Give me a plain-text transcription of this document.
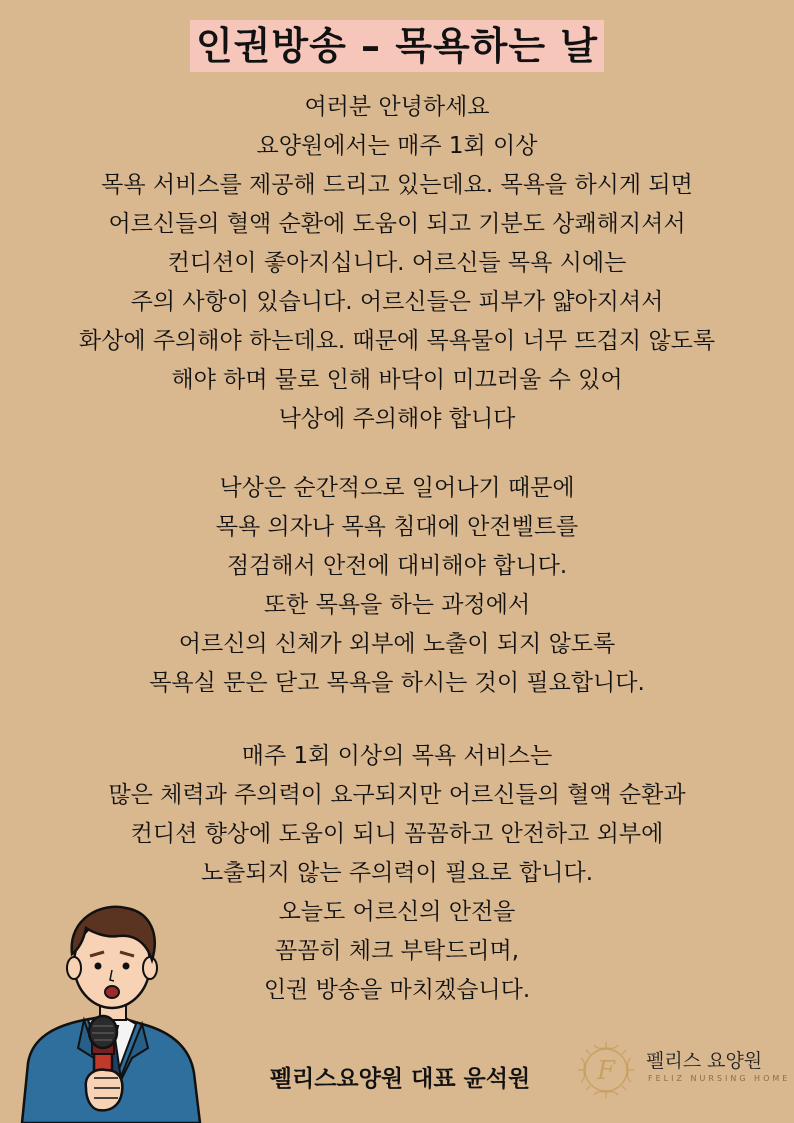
인권방송 – 목욕하는 날
여러분 안녕하세요
요양원에서는 매주 1회 이상
목욕 서비스를 제공해 드리고 있는데요. 목욕을 하시게 되면
어르신들의 혈액 순환에 도움이 되고 기분도 상쾌해지셔서
컨디션이 좋아지십니다. 어르신들 목욕 시에는
주의 사항이 있습니다. 어르신들은 피부가 얇아지셔서
화상에 주의해야 하는데요. 때문에 목욕물이 너무 뜨겁지 않도록
해야 하며 물로 인해 바닥이 미끄러울 수 있어
낙상에 주의해야 합니다
낙상은 순간적으로 일어나기 때문에
목욕 의자나 목욕 침대에 안전벨트를
점검해서 안전에 대비해야 합니다.
또한 목욕을 하는 과정에서
어르신의 신체가 외부에 노출이 되지 않도록
목욕실 문은 닫고 목욕을 하시는 것이 필요합니다.
매주 1회 이상의 목욕 서비스는
많은 체력과 주의력이 요구되지만 어르신들의 혈액 순환과
컨디션 향상에 도움이 되니 꼼꼼하고 안전하고 외부에
노출되지 않는 주의력이 필요로 합니다.
오늘도 어르신의 안전을
꼼꼼히 체크 부탁드리며,
인권 방송을 마치겠습니다.
펠리스요양원 대표 윤석원	F 펠리스 요양원
FELIZ NURSING HOME
